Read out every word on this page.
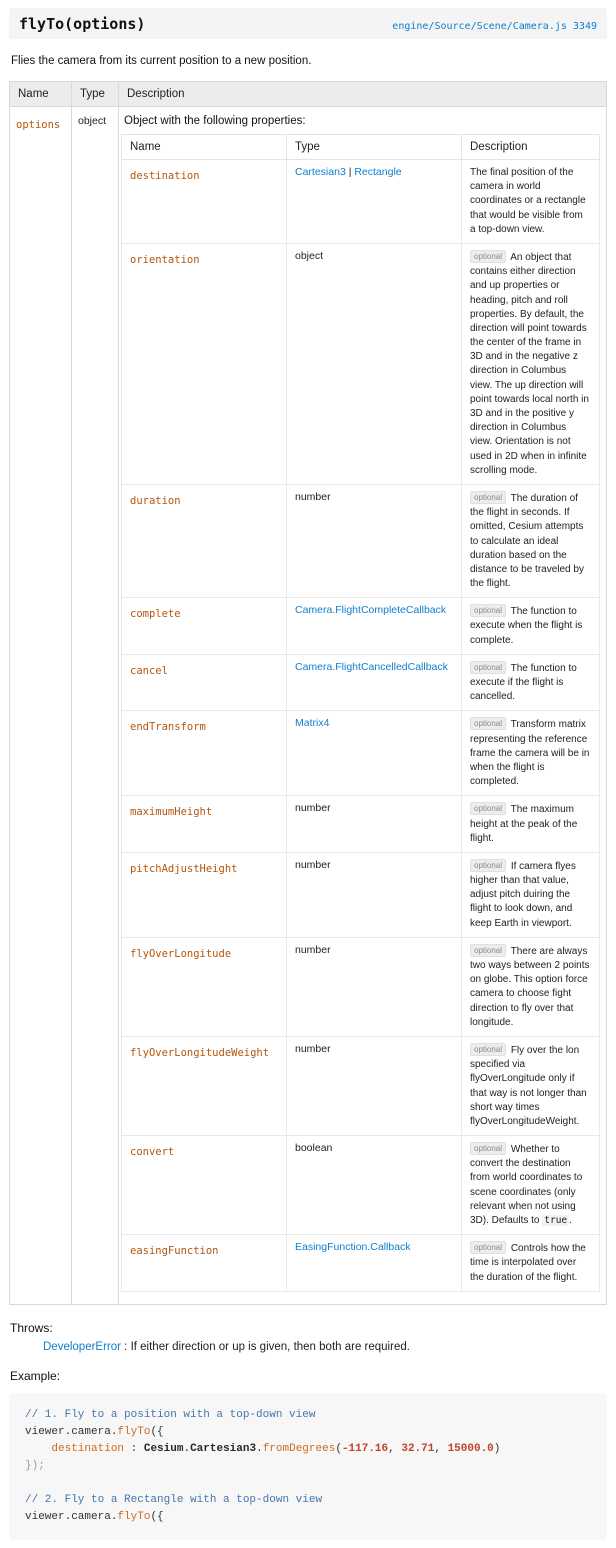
flyTo(options)	engine/Source/Scene/Camera.js 3349

Flies the camera from its current position to a new position.

Name	Type	Description
options	object	Object with the following properties:
Name	Type	Description
destination	Cartesian3 | Rectangle	The final position of the camera in world coordinates or a rectangle that would be visible from a top-down view.
orientation	object	optional An object that contains either direction and up properties or heading, pitch and roll properties. By default, the direction will point towards the center of the frame in 3D and in the negative z direction in Columbus view. The up direction will point towards local north in 3D and in the positive y direction in Columbus view. Orientation is not used in 2D when in infinite scrolling mode.
duration	number	optional The duration of the flight in seconds. If omitted, Cesium attempts to calculate an ideal duration based on the distance to be traveled by the flight.
complete	Camera.FlightCompleteCallback	optional The function to execute when the flight is complete.
cancel	Camera.FlightCancelledCallback	optional The function to execute if the flight is cancelled.
endTransform	Matrix4	optional Transform matrix representing the reference frame the camera will be in when the flight is completed.
maximumHeight	number	optional The maximum height at the peak of the flight.
pitchAdjustHeight	number	optional If camera flyes higher than that value, adjust pitch duiring the flight to look down, and keep Earth in viewport.
flyOverLongitude	number	optional There are always two ways between 2 points on globe. This option force camera to choose fight direction to fly over that longitude.
flyOverLongitudeWeight	number	optional Fly over the lon specified via flyOverLongitude only if that way is not longer than short way times flyOverLongitudeWeight.
convert	boolean	optional Whether to convert the destination from world coordinates to scene coordinates (only relevant when not using 3D). Defaults to true .
easingFunction	EasingFunction.Callback	optional Controls how the time is interpolated over the duration of the flight.
Throws:
DeveloperError : If either direction or up is given, then both are required.
Example:
// 1. Fly to a position with a top-down view
viewer.camera.flyTo({
destination : Cesium.Cartesian3.fromDegrees(-117.16, 32.71, 15000.0)
});

// 2. Fly to a Rectangle with a top-down view
viewer.camera.flyTo({
